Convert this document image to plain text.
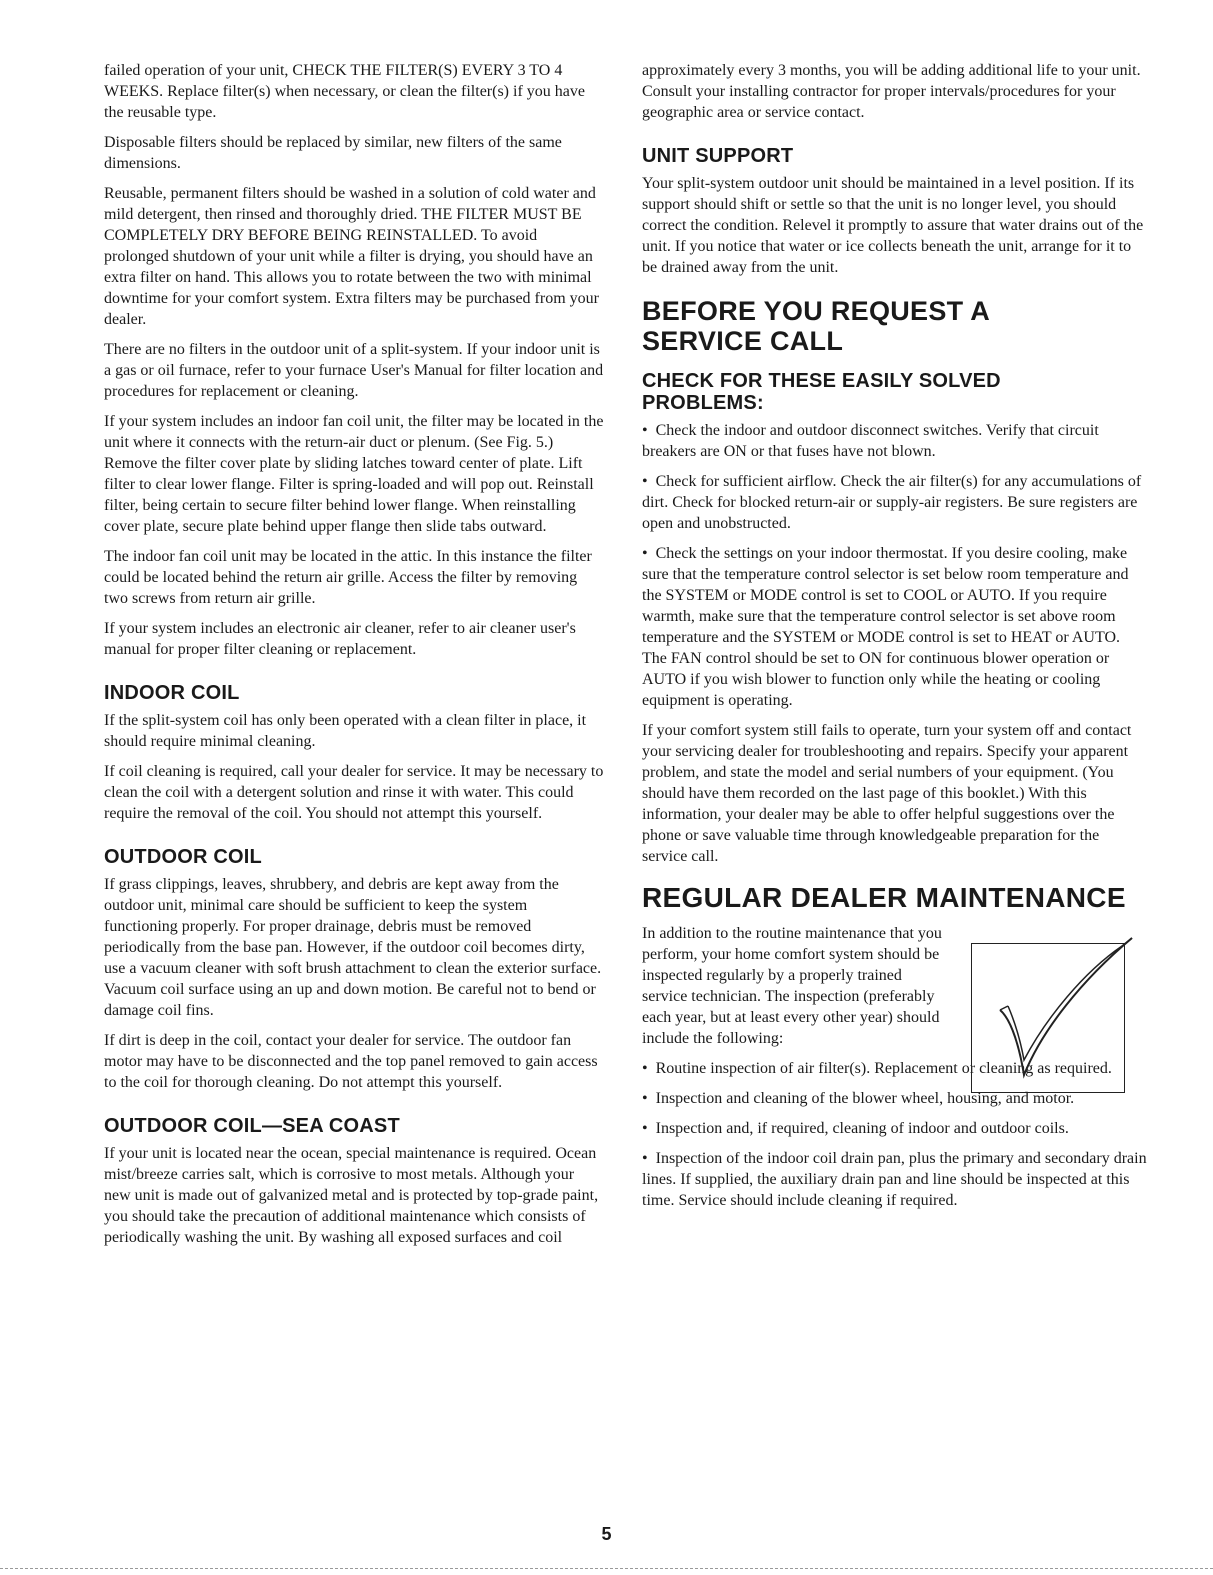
failed operation of your unit, CHECK THE FILTER(S) EVERY 3 TO 4 WEEKS. Replace filter(s) when necessary, or clean the filter(s) if you have the reusable type.

Disposable filters should be replaced by similar, new filters of the same dimensions.

Reusable, permanent filters should be washed in a solution of cold water and mild detergent, then rinsed and thoroughly dried. THE FILTER MUST BE COMPLETELY DRY BEFORE BEING REINSTALLED. To avoid prolonged shutdown of your unit while a filter is drying, you should have an extra filter on hand. This allows you to rotate between the two with minimal downtime for your comfort system. Extra filters may be purchased from your dealer.

There are no filters in the outdoor unit of a split-system. If your indoor unit is a gas or oil furnace, refer to your furnace User's Manual for filter location and procedures for replacement or cleaning.

If your system includes an indoor fan coil unit, the filter may be located in the unit where it connects with the return-air duct or plenum. (See Fig. 5.) Remove the filter cover plate by sliding latches toward center of plate. Lift filter to clear lower flange. Filter is spring-loaded and will pop out. Reinstall filter, being certain to secure filter behind lower flange. When reinstalling cover plate, secure plate behind upper flange then slide tabs outward.

The indoor fan coil unit may be located in the attic. In this instance the filter could be located behind the return air grille. Access the filter by removing two screws from return air grille.

If your system includes an electronic air cleaner, refer to air cleaner user's manual for proper filter cleaning or replacement.

INDOOR COIL

If the split-system coil has only been operated with a clean filter in place, it should require minimal cleaning.

If coil cleaning is required, call your dealer for service. It may be necessary to clean the coil with a detergent solution and rinse it with water. This could require the removal of the coil. You should not attempt this yourself.

OUTDOOR COIL

If grass clippings, leaves, shrubbery, and debris are kept away from the outdoor unit, minimal care should be sufficient to keep the system functioning properly. For proper drainage, debris must be removed periodically from the base pan. However, if the outdoor coil becomes dirty, use a vacuum cleaner with soft brush attachment to clean the exterior surface. Vacuum coil surface using an up and down motion. Be careful not to bend or damage coil fins.

If dirt is deep in the coil, contact your dealer for service. The outdoor fan motor may have to be disconnected and the top panel removed to gain access to the coil for thorough cleaning. Do not attempt this yourself.

OUTDOOR COIL—SEA COAST

If your unit is located near the ocean, special maintenance is required. Ocean mist/breeze carries salt, which is corrosive to most metals. Although your new unit is made out of galvanized metal and is protected by top-grade paint, you should take the precaution of additional maintenance which consists of periodically washing the unit. By washing all exposed surfaces and coil

approximately every 3 months, you will be adding additional life to your unit. Consult your installing contractor for proper intervals/procedures for your geographic area or service contact.

UNIT SUPPORT

Your split-system outdoor unit should be maintained in a level position. If its support should shift or settle so that the unit is no longer level, you should correct the condition. Relevel it promptly to assure that water drains out of the unit. If you notice that water or ice collects beneath the unit, arrange for it to be drained away from the unit.

BEFORE YOU REQUEST A
SERVICE CALL
CHECK FOR THESE EASILY SOLVED
PROBLEMS:

•  Check the indoor and outdoor disconnect switches. Verify that circuit breakers are ON or that fuses have not blown.

•  Check for sufficient airflow. Check the air filter(s) for any accumulations of dirt. Check for blocked return-air or supply-air registers. Be sure registers are open and unobstructed.

•  Check the settings on your indoor thermostat. If you desire cooling, make sure that the temperature control selector is set below room temperature and the SYSTEM or MODE control is set to COOL or AUTO. If you require warmth, make sure that the temperature control selector is set above room temperature and the SYSTEM or MODE control is set to HEAT or AUTO. The FAN control should be set to ON for continuous blower operation or AUTO if you wish blower to function only while the heating or cooling equipment is operating.

If your comfort system still fails to operate, turn your system off and contact your servicing dealer for troubleshooting and repairs. Specify your apparent problem, and state the model and serial numbers of your equipment. (You should have them recorded on the last page of this booklet.) With this information, your dealer may be able to offer helpful suggestions over the phone or save valuable time through knowledgeable preparation for the service call.

REGULAR DEALER MAINTENANCE

In addition to the routine maintenance that you perform, your home comfort system should be inspected regularly by a properly trained service technician. The inspection (preferably each year, but at least every other year) should include the following:

•  Routine inspection of air filter(s). Replacement or cleaning as required.

•  Inspection and cleaning of the blower wheel, housing, and motor.

•  Inspection and, if required, cleaning of indoor and outdoor coils.

•  Inspection of the indoor coil drain pan, plus the primary and secondary drain lines. If supplied, the auxiliary drain pan and line should be inspected at this time. Service should include cleaning if required.

5
